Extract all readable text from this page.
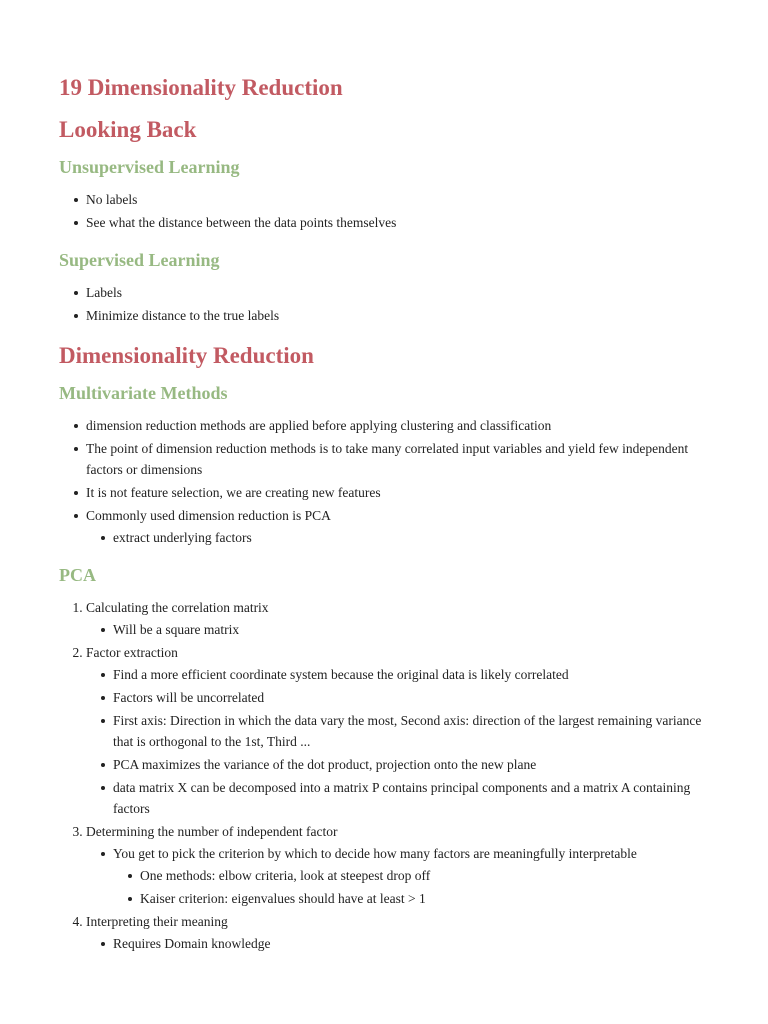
19 Dimensionality Reduction
Looking Back
Unsupervised Learning
No labels
See what the distance between the data points themselves
Supervised Learning
Labels
Minimize distance to the true labels
Dimensionality Reduction
Multivariate Methods
dimension reduction methods are applied before applying clustering and classification
The point of dimension reduction methods is to take many correlated input variables and yield few independent factors or dimensions
It is not feature selection, we are creating new features
Commonly used dimension reduction is PCA
extract underlying factors
PCA
1. Calculating the correlation matrix
Will be a square matrix
2. Factor extraction
Find a more efficient coordinate system because the original data is likely correlated
Factors will be uncorrelated
First axis: Direction in which the data vary the most, Second axis: direction of the largest remaining variance that is orthogonal to the 1st, Third ...
PCA maximizes the variance of the dot product, projection onto the new plane
data matrix X can be decomposed into a matrix P contains principal components and a matrix A containing factors
3. Determining the number of independent factor
You get to pick the criterion by which to decide how many factors are meaningfully interpretable
One methods: elbow criteria, look at steepest drop off
Kaiser criterion: eigenvalues should have at least > 1
4. Interpreting their meaning
Requires Domain knowledge
